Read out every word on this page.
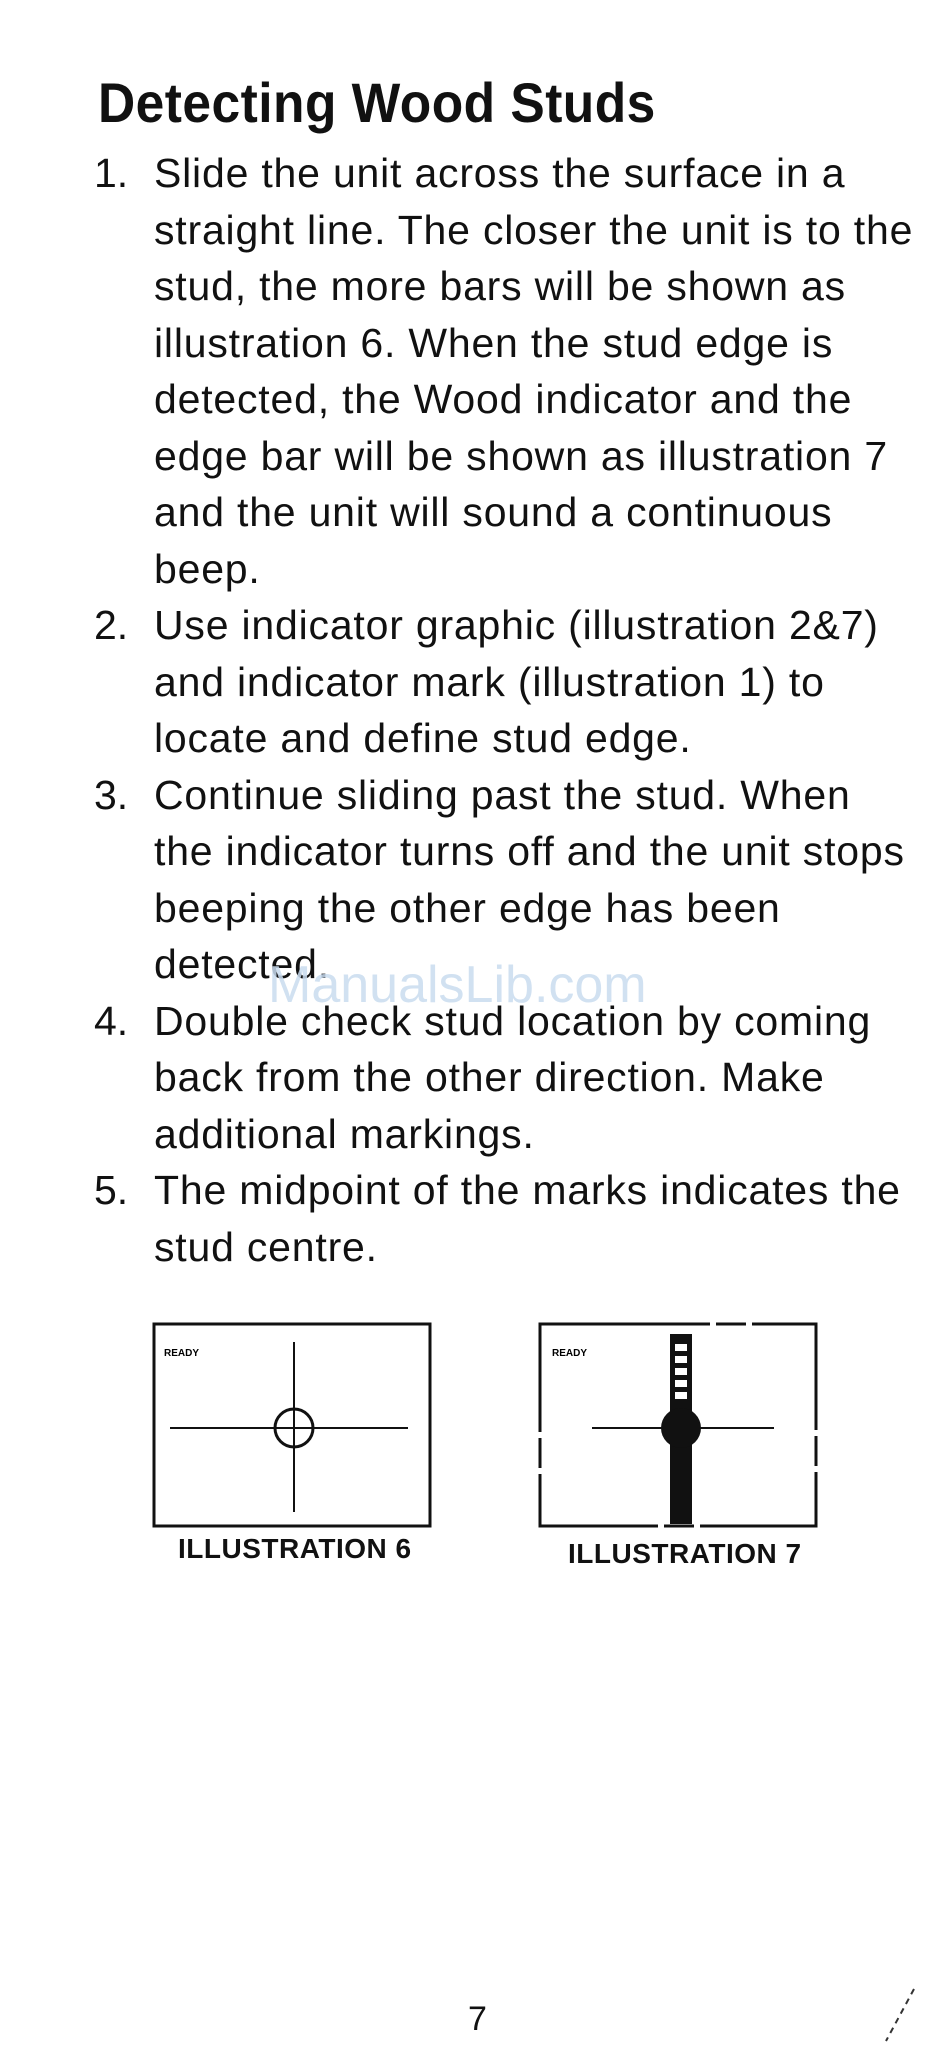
Detecting Wood Studs
1. Slide the unit across the surface in a straight line. The closer the unit is to the stud, the more bars will be shown as illustration 6. When the stud edge is detected, the Wood indicator and the edge bar will be shown as illustration 7 and the unit will sound a continuous beep.
2. Use indicator graphic (illustration 2&7) and indicator mark (illustration 1) to locate and define stud edge.
3. Continue sliding past the stud. When the indicator turns off and the unit stops beeping the other edge has been detected.
4. Double check stud location by coming back from the other direction. Make additional markings.
5. The midpoint of the marks indicates the stud centre.
ManualsLib.com
READY
ILLUSTRATION 6
READY
ILLUSTRATION 7
7
